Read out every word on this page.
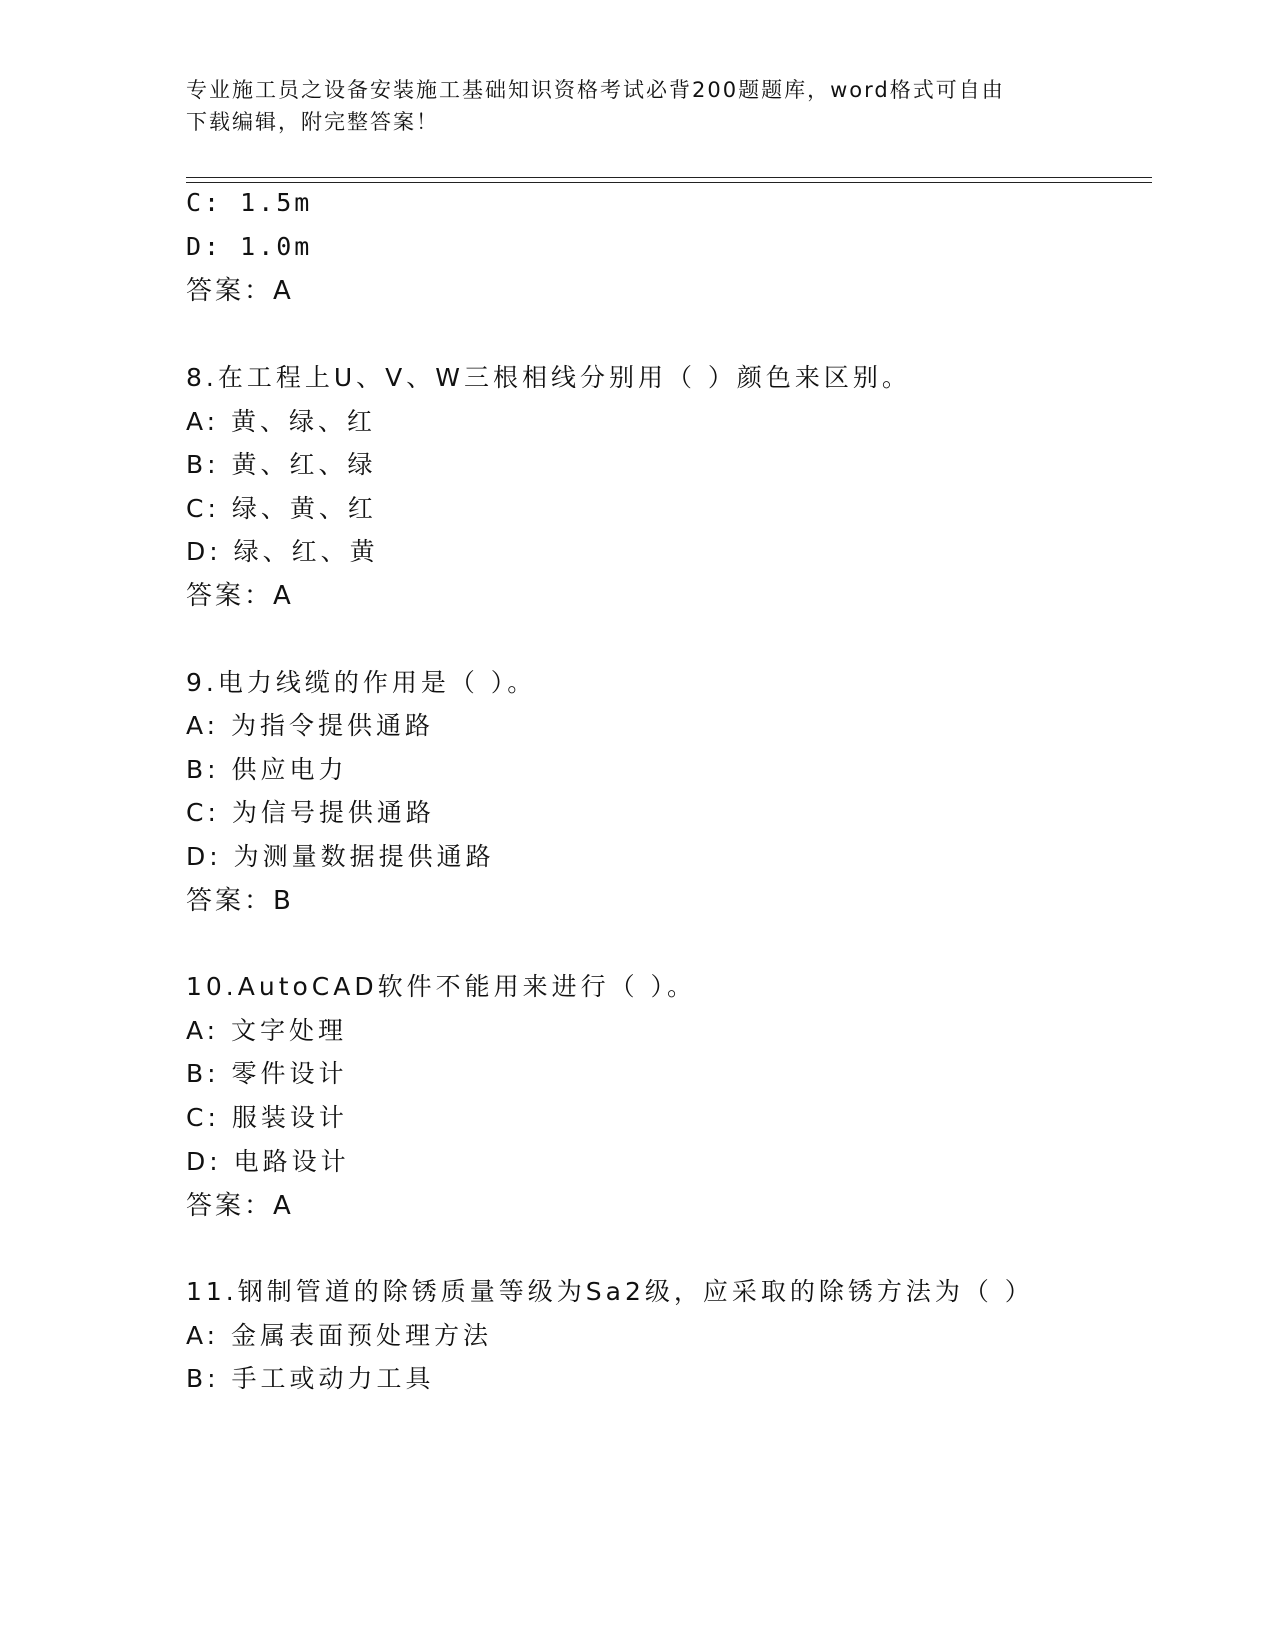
专业施工员之设备安装施工基础知识资格考试必背200题题库，word格式可自由
下载编辑，附完整答案！
C: 1.5m
D: 1.0m
答案：A
8.在工程上U、V、W三根相线分别用（ ）颜色来区别。
A: 黄、绿、红
B: 黄、红、绿
C: 绿、黄、红
D: 绿、红、黄
答案：A
9.电力线缆的作用是（ ）。
A: 为指令提供通路
B: 供应电力
C: 为信号提供通路
D: 为测量数据提供通路
答案：B
10.AutoCAD软件不能用来进行（ ）。
A: 文字处理
B: 零件设计
C: 服装设计
D: 电路设计
答案：A
11.钢制管道的除锈质量等级为Sa2级，应采取的除锈方法为（ ）
A: 金属表面预处理方法
B: 手工或动力工具
